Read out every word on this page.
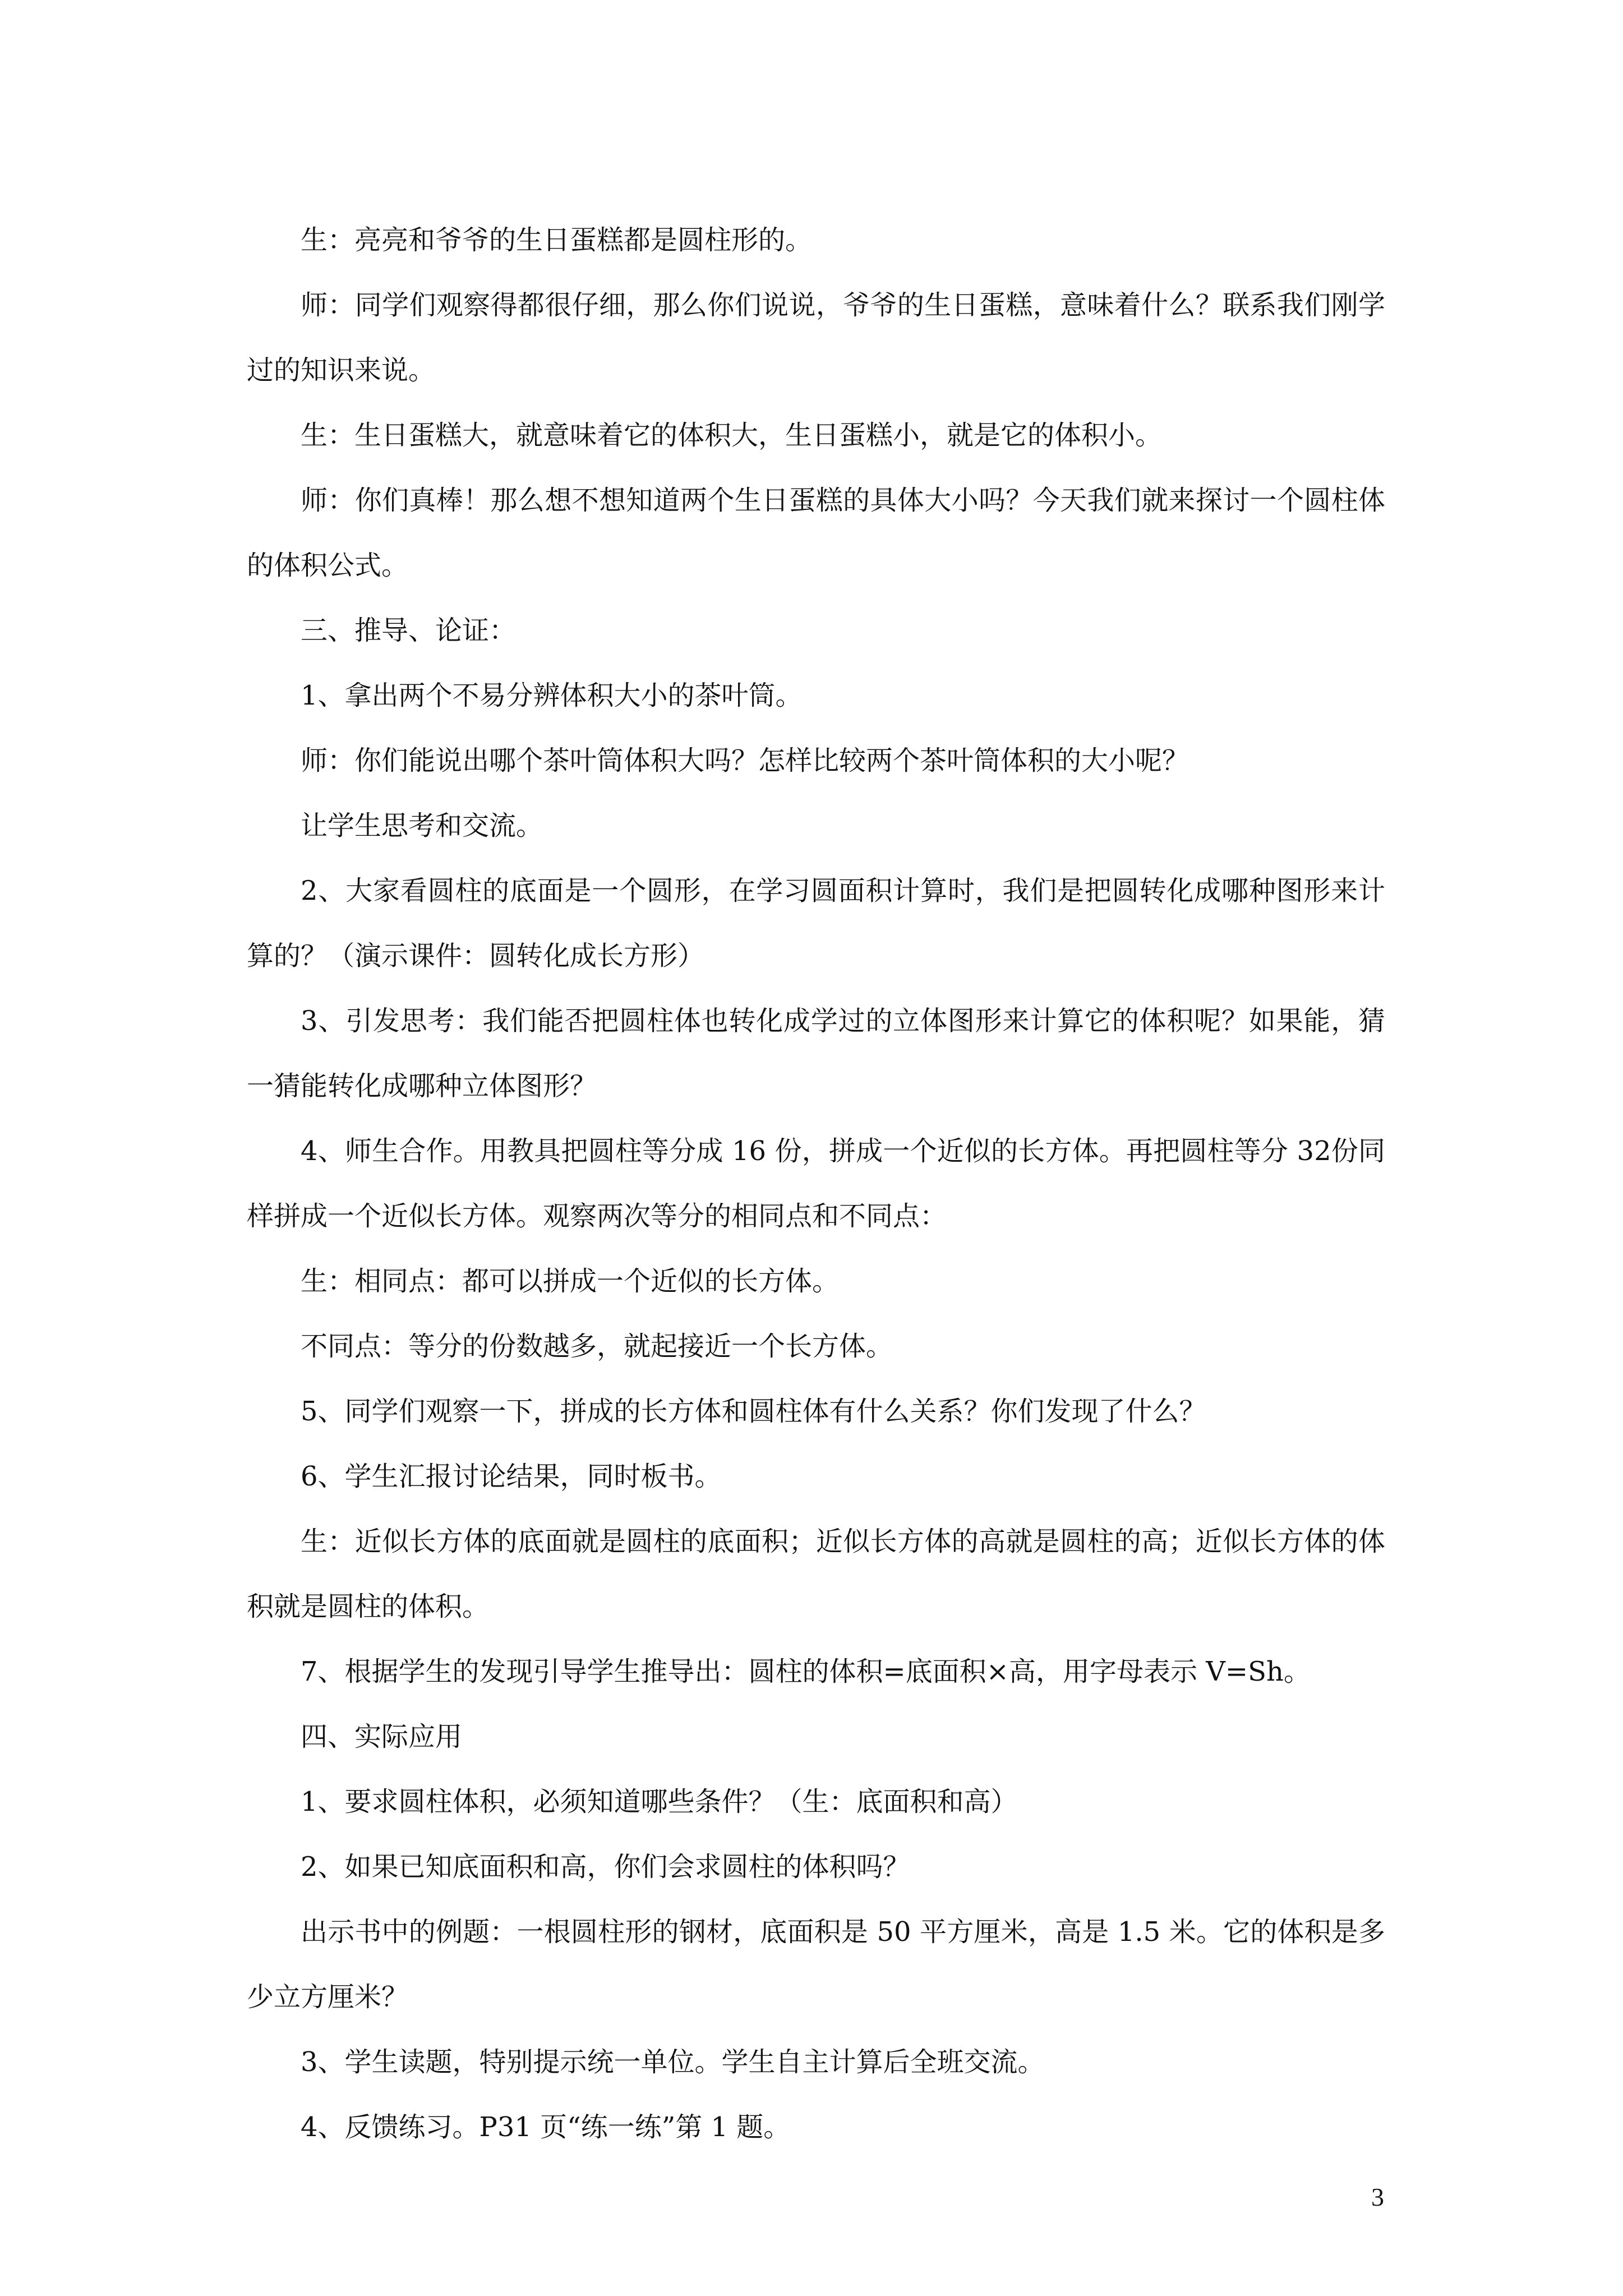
生：亮亮和爷爷的生日蛋糕都是圆柱形的。

师：同学们观察得都很仔细，那么你们说说，爷爷的生日蛋糕，意味着什么？联系我们刚学过的知识来说。

生：生日蛋糕大，就意味着它的体积大，生日蛋糕小，就是它的体积小。

师：你们真棒！那么想不想知道两个生日蛋糕的具体大小吗？今天我们就来探讨一个圆柱体的体积公式。

三、推导、论证：

1、拿出两个不易分辨体积大小的茶叶筒。

师：你们能说出哪个茶叶筒体积大吗？怎样比较两个茶叶筒体积的大小呢？

让学生思考和交流。

2、大家看圆柱的底面是一个圆形，在学习圆面积计算时，我们是把圆转化成哪种图形来计算的？（演示课件：圆转化成长方形）

3、引发思考：我们能否把圆柱体也转化成学过的立体图形来计算它的体积呢？如果能，猜一猜能转化成哪种立体图形？

4、师生合作。用教具把圆柱等分成 16 份，拼成一个近似的长方体。再把圆柱等分 32份同样拼成一个近似长方体。观察两次等分的相同点和不同点：

生：相同点：都可以拼成一个近似的长方体。

不同点：等分的份数越多，就起接近一个长方体。

5、同学们观察一下，拼成的长方体和圆柱体有什么关系？你们发现了什么？

6、学生汇报讨论结果，同时板书。

生：近似长方体的底面就是圆柱的底面积；近似长方体的高就是圆柱的高；近似长方体的体积就是圆柱的体积。

7、根据学生的发现引导学生推导出：圆柱的体积=底面积×高，用字母表示 V=Sh。

四、实际应用

1、要求圆柱体积，必须知道哪些条件？（生：底面积和高）

2、如果已知底面积和高，你们会求圆柱的体积吗？

出示书中的例题：一根圆柱形的钢材，底面积是 50 平方厘米，高是 1.5 米。它的体积是多少立方厘米？

3、学生读题，特别提示统一单位。学生自主计算后全班交流。

4、反馈练习。P31 页“练一练”第 1 题。

3
